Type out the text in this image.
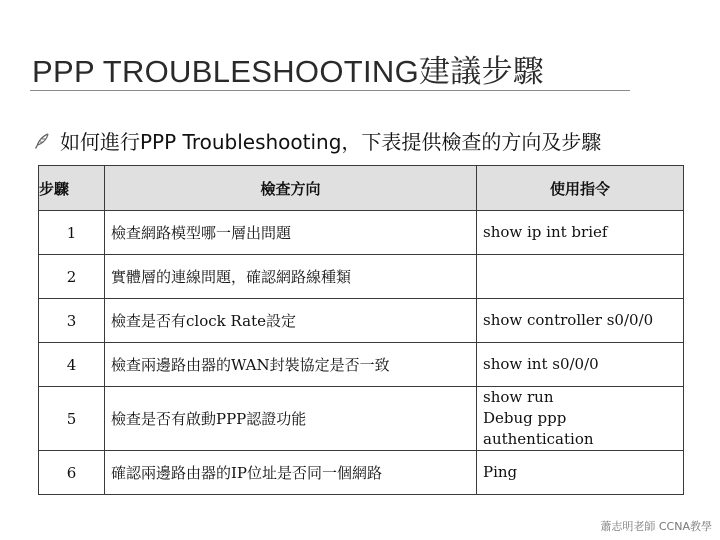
PPP TROUBLESHOOTING建議步驟
如何進行PPP Troubleshooting，下表提供檢查的方向及步驟
步驟	檢查方向	使用指令
1	檢查網路模型哪一層出問題	show ip int brief

2	實體層的連線問題，確認網路線種類	
3	檢查是否有clock Rate設定	show controller s0/0/0

4	檢查兩邊路由器的WAN封裝協定是否一致	show int s0/0/0

5	檢查是否有啟動PPP認證功能	show run
Debug ppp authentication

6	確認兩邊路由器的IP位址是否同一個網路	Ping
蕭志明老師 CCNA教學
